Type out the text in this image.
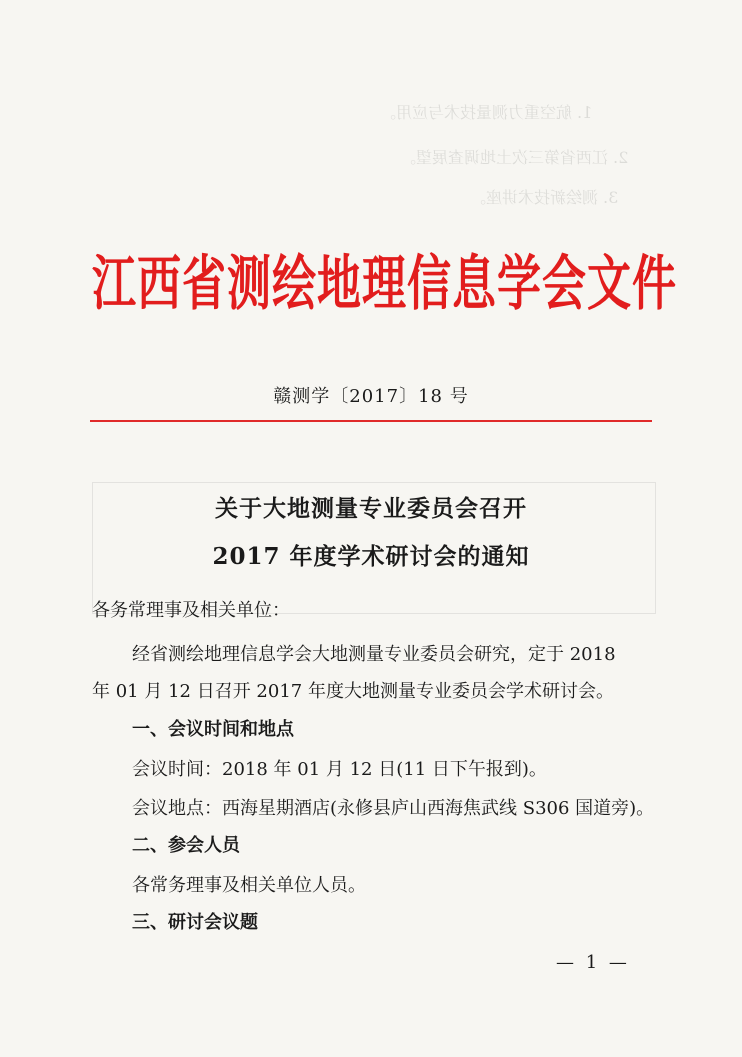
1. 航空重力测量技术与应用。
2. 江西省第三次土地调查展望。
3. 测绘新技术讲座。
江西省测绘地理信息学会文件
赣测学〔2017〕18 号
关于大地测量专业委员会召开
2017 年度学术研讨会的通知
各务常理事及相关单位：
经省测绘地理信息学会大地测量专业委员会研究，定于 2018
年 01 月 12 日召开 2017 年度大地测量专业委员会学术研讨会。
一、会议时间和地点
会议时间：2018 年 01 月 12 日(11 日下午报到)。
会议地点：西海星期酒店(永修县庐山西海焦武线 S306 国道旁)。
二、参会人员
各常务理事及相关单位人员。
三、研讨会议题
— 1 —
